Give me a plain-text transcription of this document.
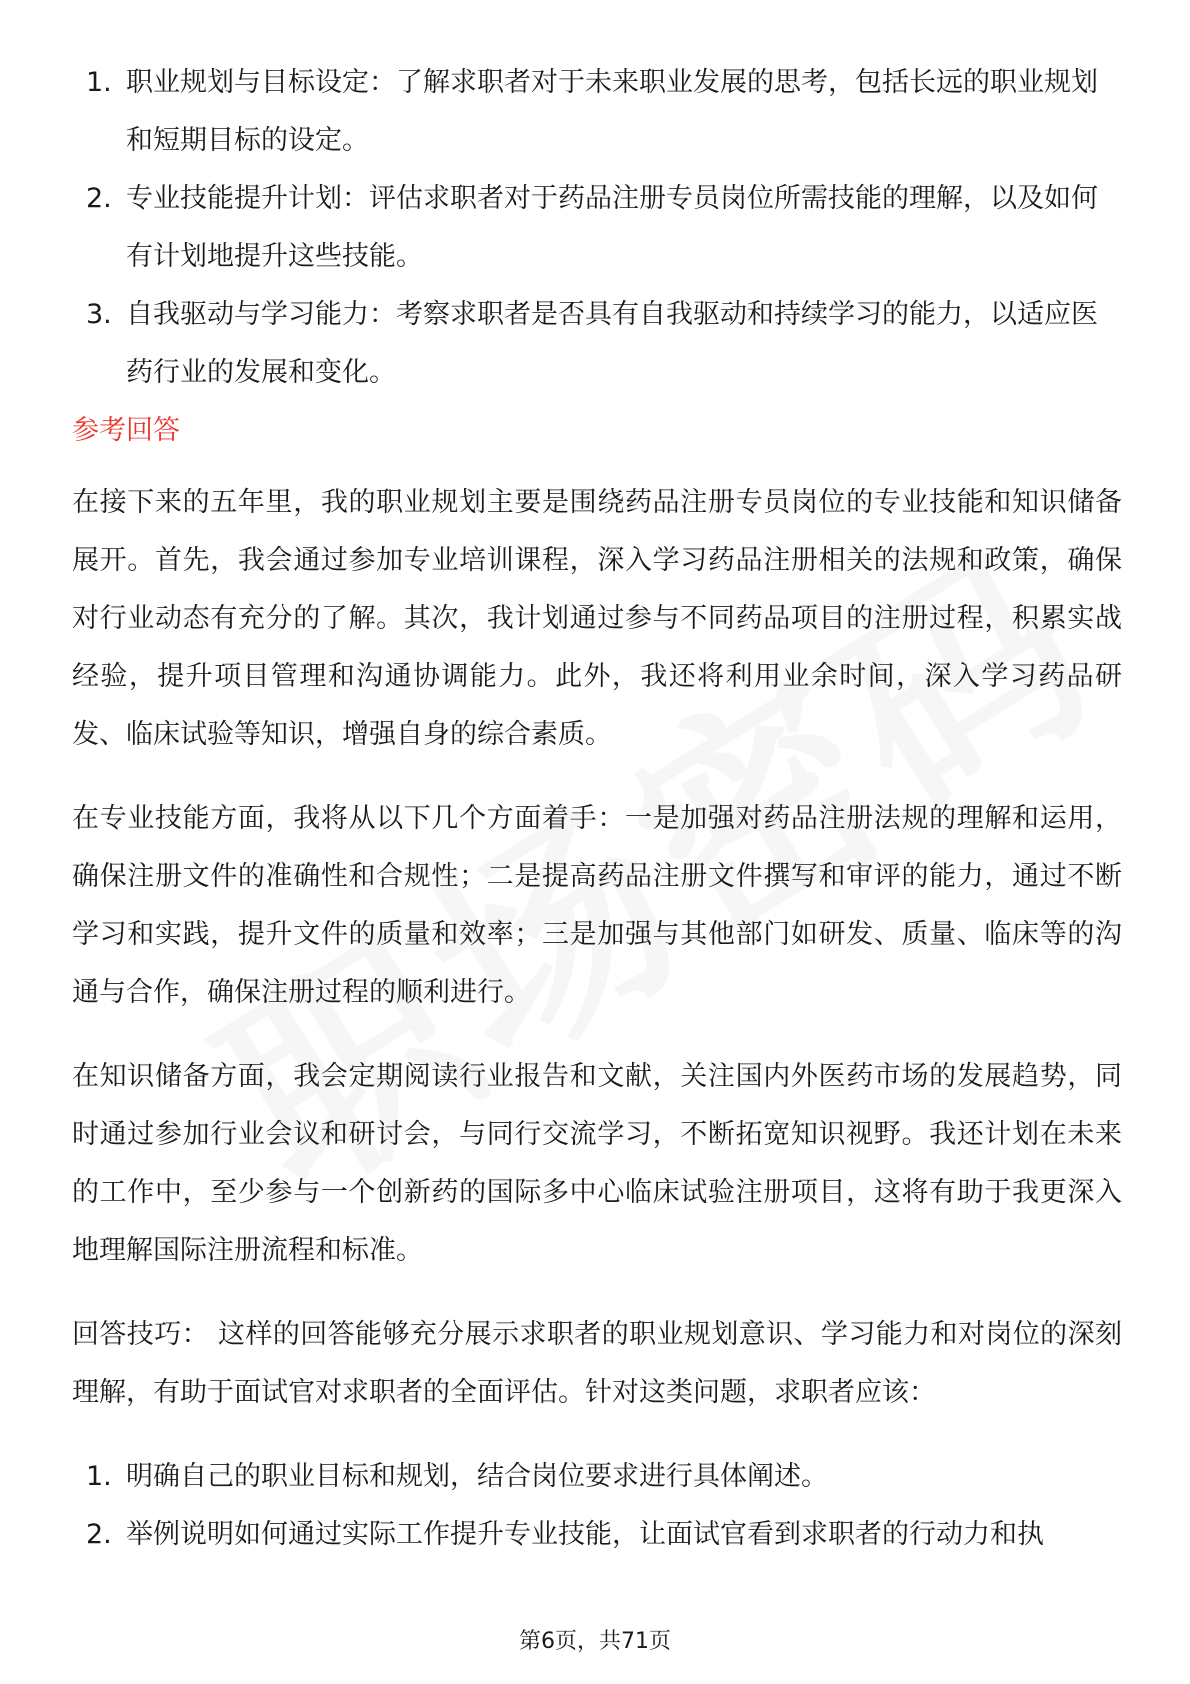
1. 职业规划与目标设定：了解求职者对于未来职业发展的思考，包括长远的职业规划和短期目标的设定。
2. 专业技能提升计划：评估求职者对于药品注册专员岗位所需技能的理解，以及如何有计划地提升这些技能。
3. 自我驱动与学习能力：考察求职者是否具有自我驱动和持续学习的能力，以适应医药行业的发展和变化。
参考回答

在接下来的五年里，我的职业规划主要是围绕药品注册专员岗位的专业技能和知识储备展开。首先，我会通过参加专业培训课程，深入学习药品注册相关的法规和政策，确保对行业动态有充分的了解。其次，我计划通过参与不同药品项目的注册过程，积累实战经验，提升项目管理和沟通协调能力。此外，我还将利用业余时间，深入学习药品研发、临床试验等知识，增强自身的综合素质。

在专业技能方面，我将从以下几个方面着手：一是加强对药品注册法规的理解和运用，确保注册文件的准确性和合规性；二是提高药品注册文件撰写和审评的能力，通过不断学习和实践，提升文件的质量和效率；三是加强与其他部门如研发、质量、临床等的沟通与合作，确保注册过程的顺利进行。

在知识储备方面，我会定期阅读行业报告和文献，关注国内外医药市场的发展趋势，同时通过参加行业会议和研讨会，与同行交流学习，不断拓宽知识视野。我还计划在未来的工作中，至少参与一个创新药的国际多中心临床试验注册项目，这将有助于我更深入地理解国际注册流程和标准。

回答技巧： 这样的回答能够充分展示求职者的职业规划意识、学习能力和对岗位的深刻理解，有助于面试官对求职者的全面评估。针对这类问题，求职者应该：

1. 明确自己的职业目标和规划，结合岗位要求进行具体阐述。
2. 举例说明如何通过实际工作提升专业技能，让面试官看到求职者的行动力和执
第6页，共71页
